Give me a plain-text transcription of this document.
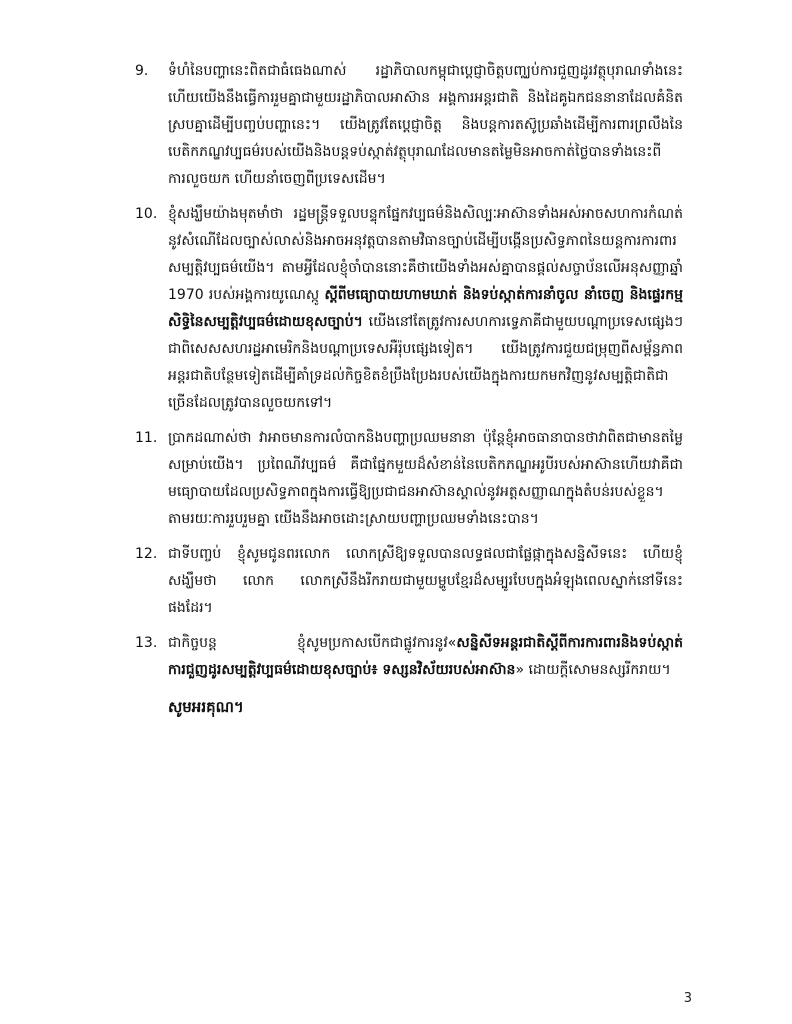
9.	ទំហំនៃបញ្ហានេះពិតជាធំធេងណាស់ រដ្ឋាភិបាលកម្ពុជាប្ដេជ្ញាចិត្តបញ្ឈប់ការជួញដូរវត្ថុបុរាណទាំងនេះ ហើយយើងនឹងធ្វើការរួមគ្នាជាមួយរដ្ឋាភិបាលអាស៊ាន អង្គការអន្តរជាតិ និងដៃគូឯកជននានាដែលគំនិតស្របគ្នាដើម្បីបញ្ចប់បញ្ហានេះ។ យើងត្រូវតែប្ដេជ្ញាចិត្ត និងបន្តការតស៊ូប្រឆាំងដើម្បីការពារព្រលឹងនៃបេតិកភណ្ឌវប្បធម៌របស់យើងនិងបន្តទប់ស្កាត់វត្ថុបុរាណដែលមានតម្លៃមិនអាចកាត់ថ្លៃបានទាំងនេះពីការលួចយក ហើយនាំចេញពីប្រទេសដើម។
10. ខ្ញុំសង្ឃឹមយ៉ាងមុតមាំថា រដ្ឋមន្ត្រីទទួលបន្ទុកផ្នែកវប្បធម៌និងសិល្បៈអាស៊ានទាំងអស់អាចសហការកំណត់នូវសំណើដែលច្បាស់លាស់និងអាចអនុវត្តបានតាមវិធានច្បាប់ដើម្បីបង្កើនប្រសិទ្ធភាពនៃយន្តការការពារសម្បត្តិវប្បធម៌យើង។ តាមអ្វីដែលខ្ញុំចាំបាននោះគឺថាយើងទាំងអស់គ្នាបានផ្តល់សច្ចាប័នលើអនុសញ្ញាឆ្នាំ 1970 របស់អង្គការយូណេស្កូ ស្តីពីមធ្យោបាយហាមឃាត់ និងទប់ស្កាត់ការនាំចូល នាំចេញ និងផ្ទេរកម្មសិទ្ធិនៃសម្បត្តិវប្បធម៌ដោយខុសច្បាប់។ យើងនៅតែត្រូវការសហការទ្វេភាគីជាមួយបណ្តាប្រទេសផ្សេងៗ ជាពិសេសសហរដ្ឋអាមេរិកនិងបណ្តាប្រទេសអឺរ៉ុបផ្សេងទៀត។ យើងត្រូវការជួយជម្រុញពីសម្ព័ន្ធភាពអន្តរជាតិបន្ថែមទៀតដើម្បីគាំទ្រដល់កិច្ចខិតខំប្រឹងប្រែងរបស់យើងក្នុងការយកមកវិញនូវសម្បត្តិជាតិជាច្រើនដែលត្រូវបានលួចយកទៅ។
11. ប្រាកដណាស់ថា វាអាចមានការលំបាកនិងបញ្ហាប្រឈមនានា ប៉ុន្តែខ្ញុំអាចធានាបានថាវាពិតជាមានតម្លៃសម្រាប់យើង។ ប្រពៃណីវប្បធម៌ គឺជាផ្នែកមួយដ៏សំខាន់នៃបេតិកភណ្ឌអរូបីរបស់អាស៊ានហើយវាគឺជាមធ្យោបាយដែលប្រសិទ្ធភាពក្នុងការធ្វើឱ្យប្រជាជនអាស៊ានស្គាល់នូវអត្តសញ្ញាណក្នុងតំបន់របស់ខ្លួន។ តាមរយៈការរួបរួមគ្នា យើងនឹងអាចដោះស្រាយបញ្ហាប្រឈមទាំងនេះបាន។
12. ជាទីបញ្ចប់ ខ្ញុំសូមជូនពរលោក លោកស្រីឱ្យទទួលបានលទ្ធផលជាផ្លែផ្កាក្នុងសន្និសីទនេះ ហើយខ្ញុំសង្ឃឹមថា លោក លោកស្រីនឹងរីករាយជាមួយម្ហូបខ្មែរដ៏សម្បូរបែបក្នុងអំឡុងពេលស្នាក់នៅទីនេះផងដែរ។
13. ជាកិច្ចបន្ត ខ្ញុំសូមប្រកាសបើកជាផ្លូវការនូវ«សន្និសីទអន្តរជាតិស្តីពីការការពារនិងទប់ស្កាត់ការជួញដូរសម្បត្តិវប្បធម៌ដោយខុសច្បាប់៖ ទស្សនវិស័យរបស់អាស៊ាន» ដោយក្តីសោមនស្សរីករាយ។
សូមអរគុណ។
3
